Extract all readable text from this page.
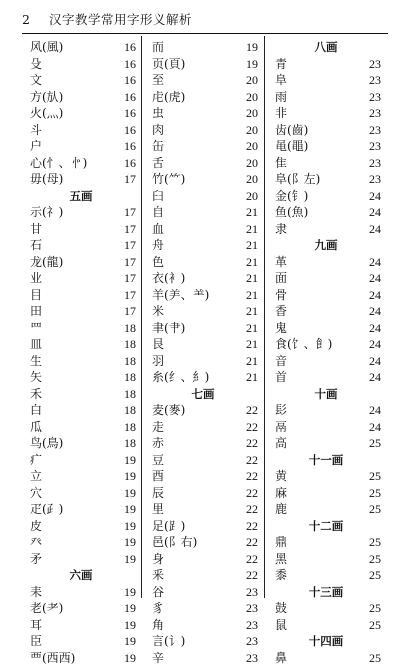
2 汉字教学常用字形义解析
风(風)	16
殳	16
文	16
方(㫃)	16
火(灬)	16
斗	16
户	16
心(忄、㣺)	16
毋(母)	17
五画
示(礻)	17
甘	17
石	17
龙(龍)	17
业	17
目	17
田	17
罒	18
皿	18
生	18
矢	18
禾	18
白	18
瓜	18
鸟(鳥)	18
疒	19
立	19
穴	19
疋(⺪)	19
皮	19
癶	19
矛	19
六画
耒	19
老(耂)	19
耳	19
臣	19
覀(西西)	19
而	19
页(頁)	19
至	20
虍(虎)	20
虫	20
肉	20
缶	20
舌	20
竹(⺮)	20
臼	20
自	21
血	21
舟	21
色	21
衣(衤)	21
羊(⺶、⺷)	21
米	21
聿(⺺)	21
艮	21
羽	21
糸(纟、糹)	21
七画
麦(麥)	22
走	22
赤	22
豆	22
酉	22
辰	22
里	22
足(⻊)	22
邑(阝右)	22
身	22
釆	22
谷	23
豸	23
角	23
言(讠)	23
辛	23
八画
青	23
阜	23
雨	23
非	23
齿(齒)	23
黾(黽)	23
隹	23
阜(阝左)	23
金(钅)	24
鱼(魚)	24
隶	24
九画
革	24
面	24
骨	24
香	24
鬼	24
食(饣、飠)	24
音	24
首	24
十画
髟	24
鬲	24
高	25
十一画
黄	25
麻	25
鹿	25
十二画
鼎	25
黑	25
黍	25
十三画
鼓	25
鼠	25
十四画
鼻	25
